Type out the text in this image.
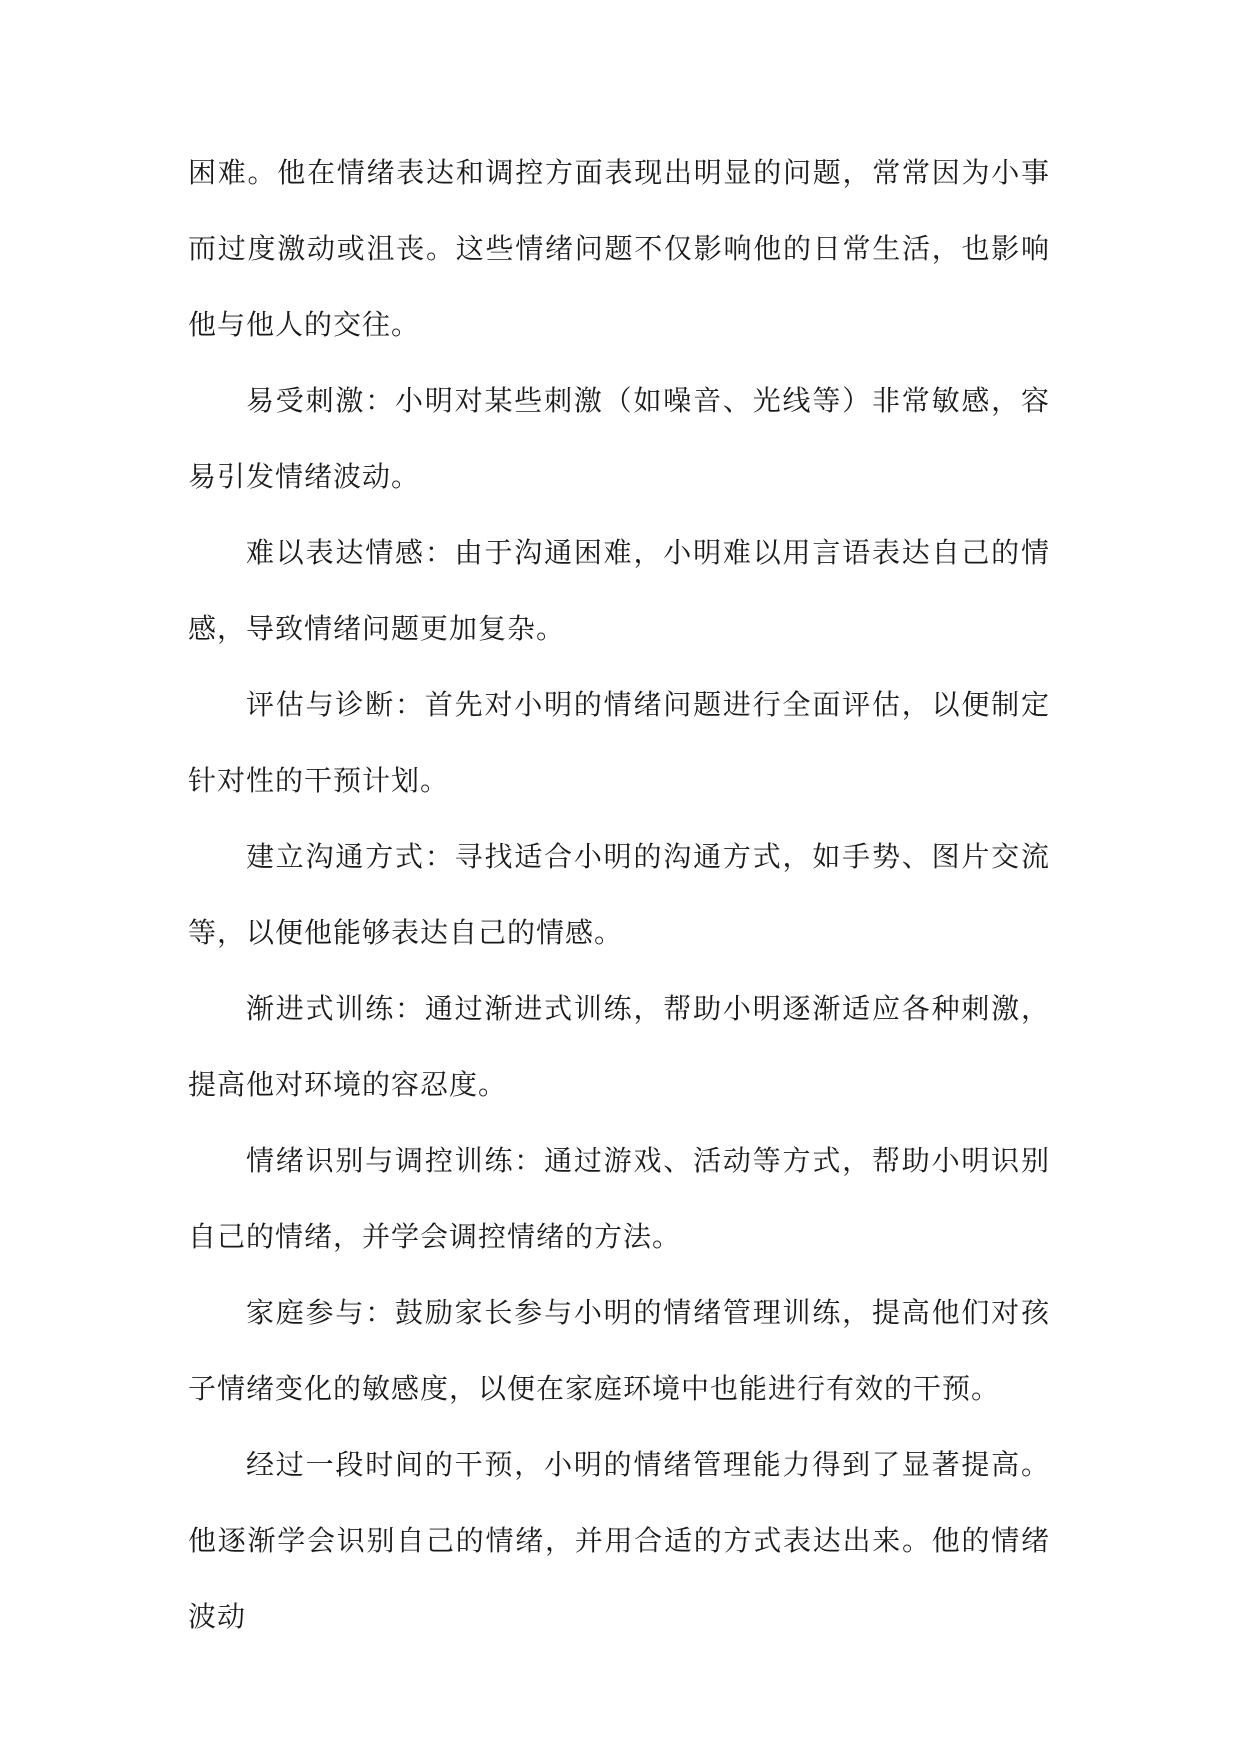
困难。他在情绪表达和调控方面表现出明显的问题，常常因为小事而过度激动或沮丧。这些情绪问题不仅影响他的日常生活，也影响他与他人的交往。

易受刺激：小明对某些刺激（如噪音、光线等）非常敏感，容易引发情绪波动。

难以表达情感：由于沟通困难，小明难以用言语表达自己的情感，导致情绪问题更加复杂。

评估与诊断：首先对小明的情绪问题进行全面评估，以便制定针对性的干预计划。

建立沟通方式：寻找适合小明的沟通方式，如手势、图片交流等，以便他能够表达自己的情感。

渐进式训练：通过渐进式训练，帮助小明逐渐适应各种刺激，提高他对环境的容忍度。

情绪识别与调控训练：通过游戏、活动等方式，帮助小明识别自己的情绪，并学会调控情绪的方法。

家庭参与：鼓励家长参与小明的情绪管理训练，提高他们对孩子情绪变化的敏感度，以便在家庭环境中也能进行有效的干预。

经过一段时间的干预，小明的情绪管理能力得到了显著提高。他逐渐学会识别自己的情绪，并用合适的方式表达出来。他的情绪波动
